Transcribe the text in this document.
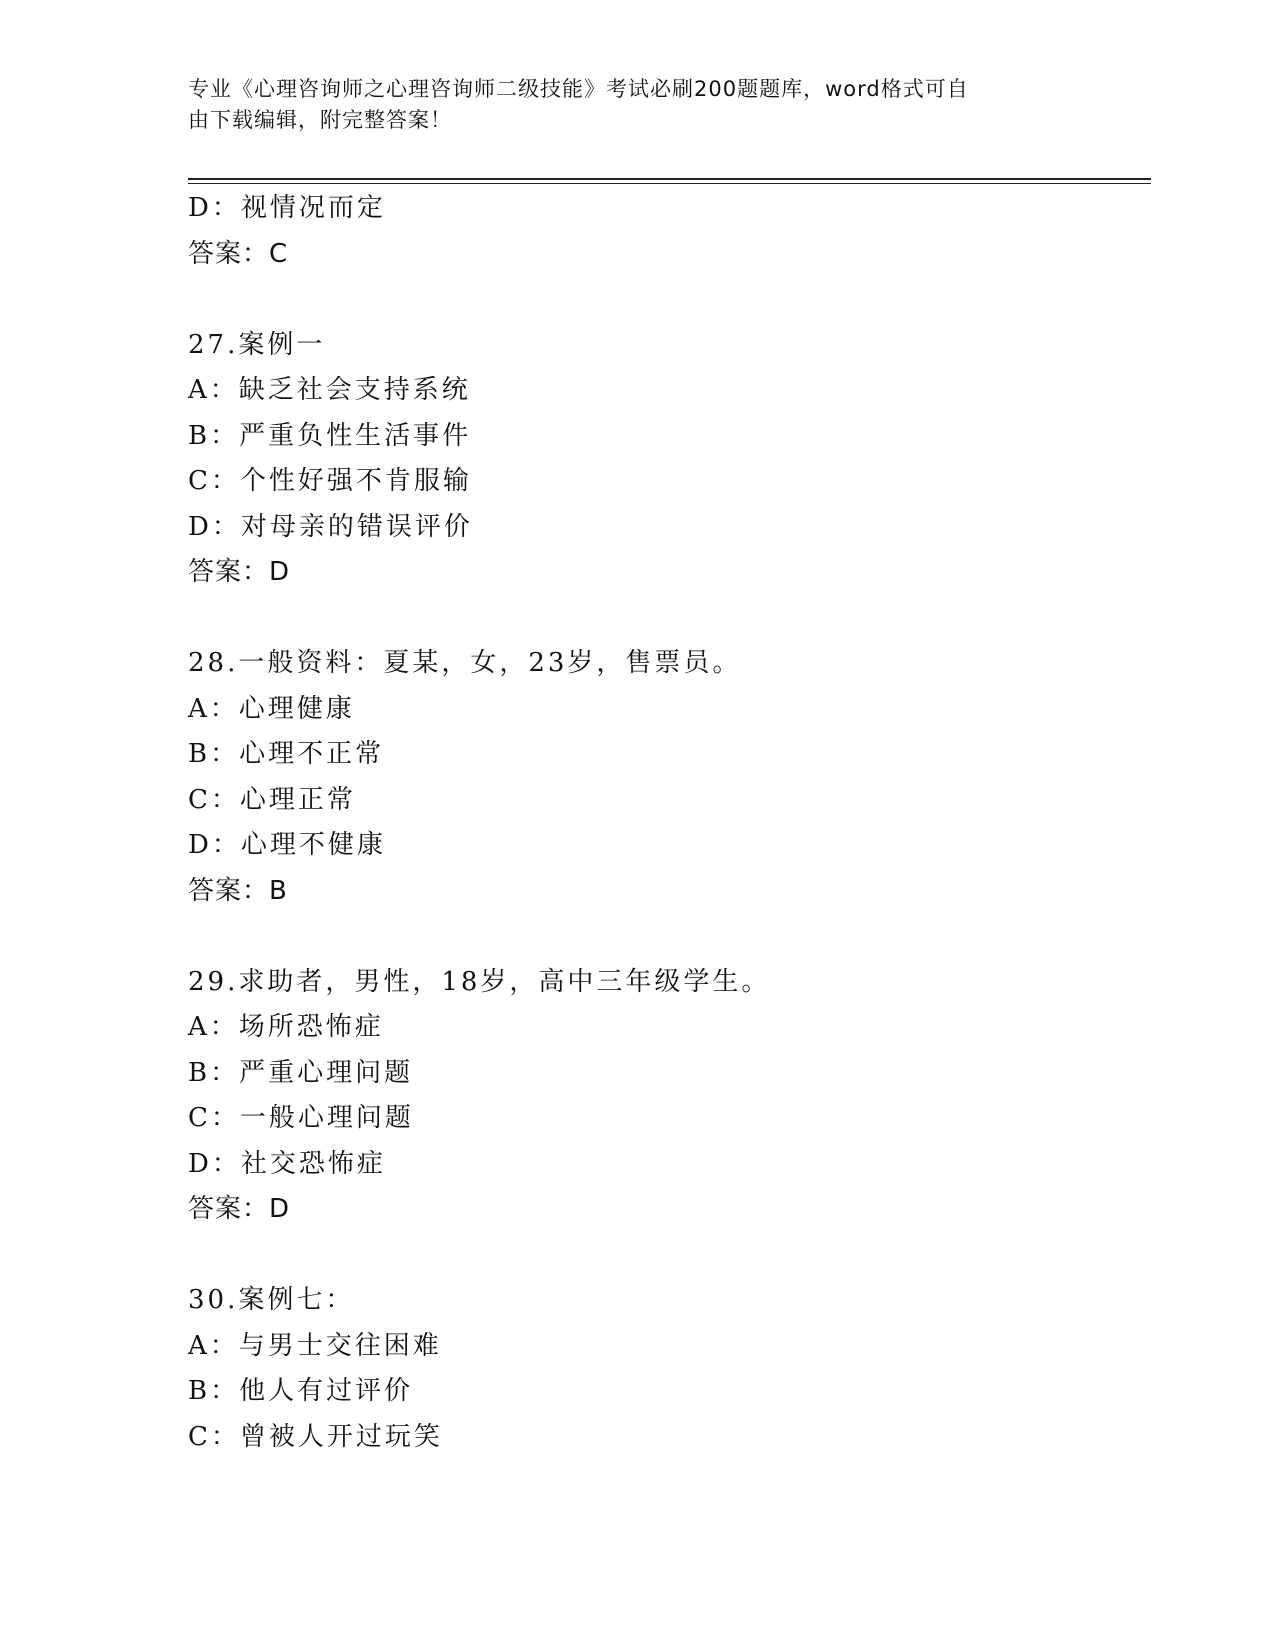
专业《心理咨询师之心理咨询师二级技能》考试必刷200题题库，word格式可自
由下载编辑，附完整答案！
D：视情况而定
答案：C
27.案例一
A：缺乏社会支持系统
B：严重负性生活事件
C：个性好强不肯服输
D：对母亲的错误评价
答案：D
28.一般资料：夏某，女，23岁，售票员。
A：心理健康
B：心理不正常
C：心理正常
D：心理不健康
答案：B
29.求助者，男性，18岁，高中三年级学生。
A：场所恐怖症
B：严重心理问题
C：一般心理问题
D：社交恐怖症
答案：D
30.案例七：
A：与男士交往困难
B：他人有过评价
C：曾被人开过玩笑
